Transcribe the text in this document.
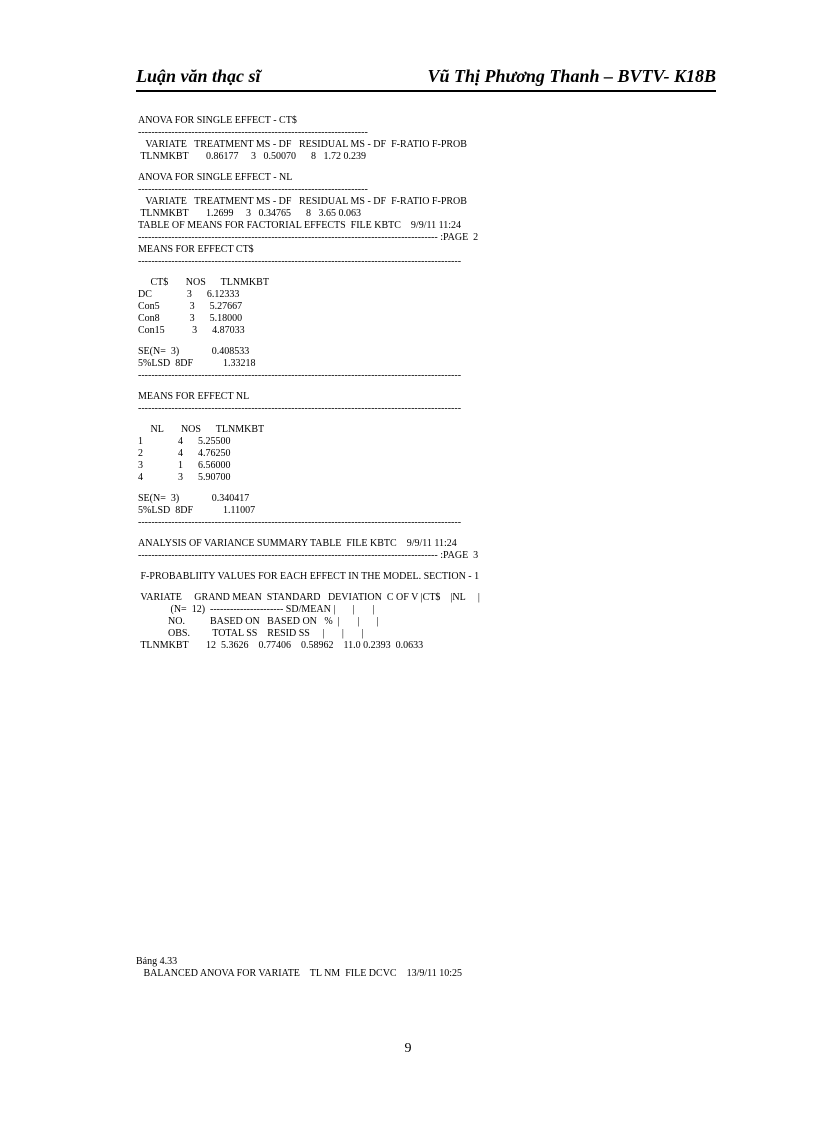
Luận văn thạc sĩ	Vũ Thị Phương Thanh – BVTV- K18B
ANOVA FOR SINGLE EFFECT - CT$
---------------------------------------------------------------------
VARIATE   TREATMENT MS - DF   RESIDUAL MS - DF  F-RATIO F-PROB
TLNMKBT       0.86177     3   0.50070      8   1.72 0.239
ANOVA FOR SINGLE EFFECT - NL
---------------------------------------------------------------------
VARIATE   TREATMENT MS - DF   RESIDUAL MS - DF  F-RATIO F-PROB
TLNMKBT       1.2699     3   0.34765      8   3.65 0.063
TABLE OF MEANS FOR FACTORIAL EFFECTS  FILE KBTC    9/9/11 11:24
------------------------------------------------------------------------------------------ :PAGE  2
MEANS FOR EFFECT CT$
-------------------------------------------------------------------------------------------------
CT$       NOS      TLNMKBT
DC              3      6.12333
Con5            3      5.27667
Con8            3      5.18000
Con15           3      4.87033
SE(N=  3)             0.408533
5%LSD  8DF            1.33218
-------------------------------------------------------------------------------------------------
MEANS FOR EFFECT NL
-------------------------------------------------------------------------------------------------
NL       NOS      TLNMKBT
1              4      5.25500
2              4      4.76250
3              1      6.56000
4              3      5.90700
SE(N=  3)             0.340417
5%LSD  8DF            1.11007
-------------------------------------------------------------------------------------------------
ANALYSIS OF VARIANCE SUMMARY TABLE  FILE KBTC    9/9/11 11:24
------------------------------------------------------------------------------------------ :PAGE  3
F-PROBABLIITY VALUES FOR EACH EFFECT IN THE MODEL. SECTION - 1
VARIATE     GRAND MEAN  STANDARD   DEVIATION  C OF V |CT$    |NL     |
(N=  12)  ---------------------- SD/MEAN |       |       |
NO.          BASED ON   BASED ON   %  |       |       |
OBS.         TOTAL SS    RESID SS     |       |       |
TLNMKBT       12  5.3626    0.77406    0.58962    11.0 0.2393  0.0633
Bảng 4.33
BALANCED ANOVA FOR VARIATE    TL NM  FILE DCVC    13/9/11 10:25
9
